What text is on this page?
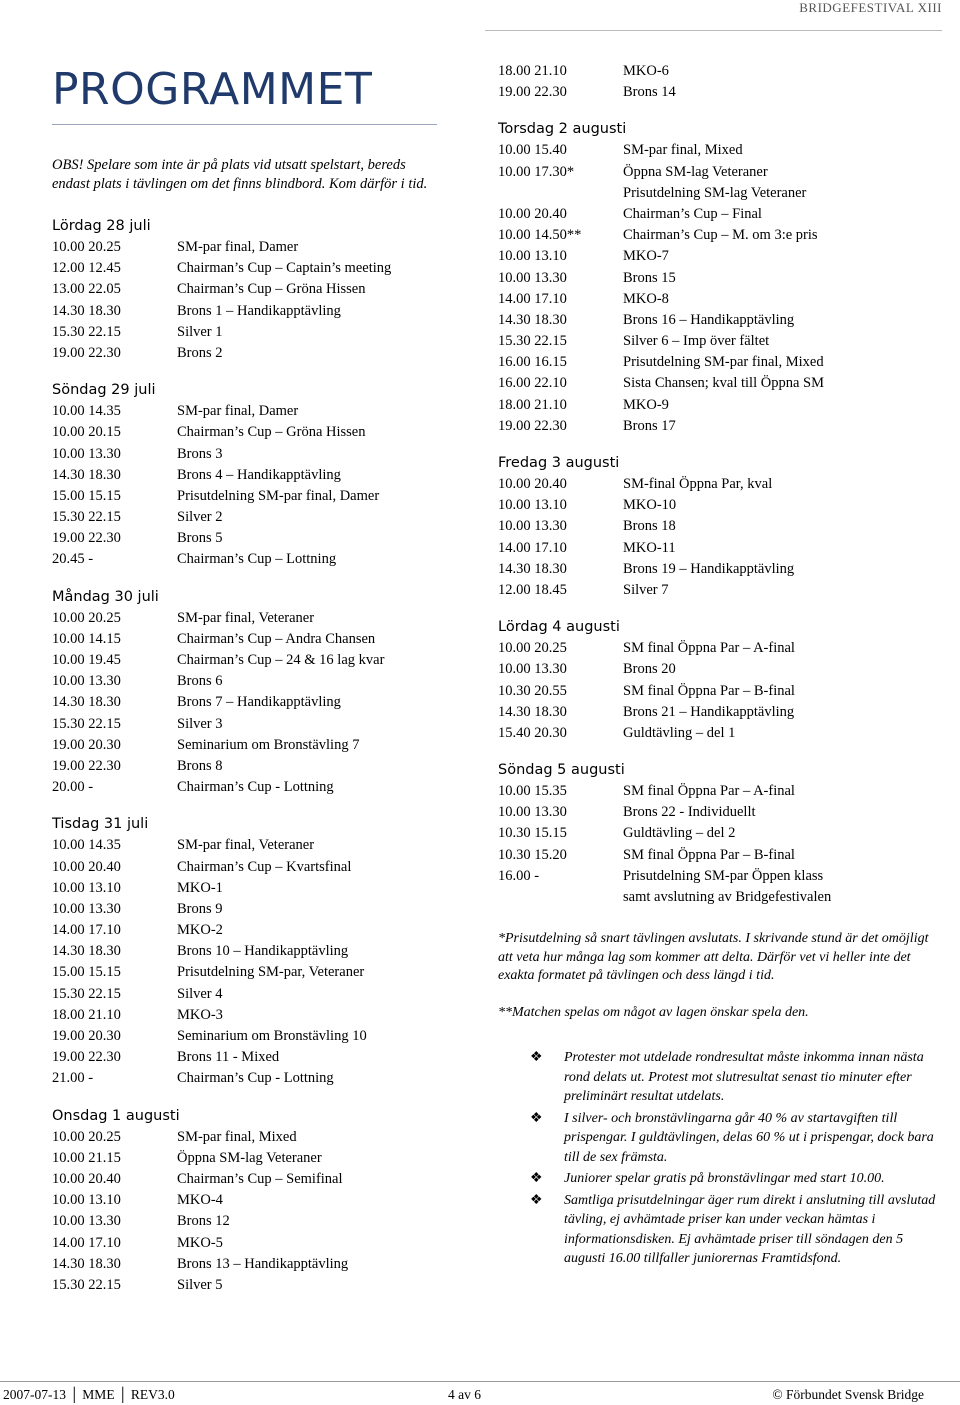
BRIDGEFESTIVAL XIII
PROGRAMMET
OBS! Spelare som inte är på plats vid utsatt spelstart, bereds endast plats i tävlingen om det finns blindbord. Kom därför i tid.
Lördag 28 juli
10.00 20.25	SM-par final, Damer
12.00 12.45	Chairman’s Cup – Captain’s meeting
13.00 22.05	Chairman’s Cup – Gröna Hissen
14.30 18.30	Brons 1 – Handikapptävling
15.30 22.15	Silver 1
19.00 22.30	Brons 2
Söndag 29 juli
10.00 14.35	SM-par final, Damer
10.00 20.15	Chairman’s Cup – Gröna Hissen
10.00 13.30	Brons 3
14.30 18.30	Brons 4 – Handikapptävling
15.00 15.15	Prisutdelning SM-par final, Damer
15.30 22.15	Silver 2
19.00 22.30	Brons 5
20.45 -	Chairman’s Cup – Lottning
Måndag 30 juli
10.00 20.25	SM-par final, Veteraner
10.00 14.15	Chairman’s Cup – Andra Chansen
10.00 19.45	Chairman’s Cup – 24 & 16 lag kvar
10.00 13.30	Brons 6
14.30 18.30	Brons 7 – Handikapptävling
15.30 22.15	Silver 3
19.00 20.30	Seminarium om Bronstävling 7
19.00 22.30	Brons 8
20.00 -	Chairman’s Cup - Lottning
Tisdag 31 juli
10.00 14.35	SM-par final, Veteraner
10.00 20.40	Chairman’s Cup – Kvartsfinal
10.00 13.10	MKO-1
10.00 13.30	Brons 9
14.00 17.10	MKO-2
14.30 18.30	Brons 10 – Handikapptävling
15.00 15.15	Prisutdelning SM-par, Veteraner
15.30 22.15	Silver 4
18.00 21.10	MKO-3
19.00 20.30	Seminarium om Bronstävling 10
19.00 22.30	Brons 11 - Mixed
21.00 -	Chairman’s Cup - Lottning
Onsdag 1 augusti
10.00 20.25	SM-par final, Mixed
10.00 21.15	Öppna SM-lag Veteraner
10.00 20.40	Chairman’s Cup – Semifinal
10.00 13.10	MKO-4
10.00 13.30	Brons 12
14.00 17.10	MKO-5
14.30 18.30	Brons 13 – Handikapptävling
15.30 22.15	Silver 5
18.00 21.10	MKO-6
19.00 22.30	Brons 14
Torsdag 2 augusti
10.00 15.40	SM-par final, Mixed
10.00 17.30*	Öppna SM-lag Veteraner
Prisutdelning SM-lag Veteraner
10.00 20.40	Chairman’s Cup – Final
10.00 14.50**	Chairman’s Cup – M. om 3:e pris
10.00 13.10	MKO-7
10.00 13.30	Brons 15
14.00 17.10	MKO-8
14.30 18.30	Brons 16 – Handikapptävling
15.30 22.15	Silver 6 – Imp över fältet
16.00 16.15	Prisutdelning SM-par final, Mixed
16.00 22.10	Sista Chansen; kval till Öppna SM
18.00 21.10	MKO-9
19.00 22.30	Brons 17
Fredag 3 augusti
10.00 20.40	SM-final Öppna Par, kval
10.00 13.10	MKO-10
10.00 13.30	Brons 18
14.00 17.10	MKO-11
14.30 18.30	Brons 19 – Handikapptävling
12.00 18.45	Silver 7
Lördag 4 augusti
10.00 20.25	SM final Öppna Par – A-final
10.00 13.30	Brons 20
10.30 20.55	SM final Öppna Par – B-final
14.30 18.30	Brons 21 – Handikapptävling
15.40 20.30	Guldtävling – del 1
Söndag 5 augusti
10.00 15.35	SM final Öppna Par – A-final
10.00 13.30	Brons 22 - Individuellt
10.30 15.15	Guldtävling – del 2
10.30 15.20	SM final Öppna Par – B-final
16.00 -	Prisutdelning SM-par Öppen klass
samt avslutning av Bridgefestivalen
*Prisutdelning så snart tävlingen avslutats. I skrivande stund är det omöjligt att veta hur många lag som kommer att delta. Därför vet vi heller inte det exakta formatet på tävlingen och dess längd i tid.
**Matchen spelas om något av lagen önskar spela den.
❖ Protester mot utdelade rondresultat måste inkomma innan nästa rond delats ut. Protest mot slutresultat senast tio minuter efter preliminärt resultat utdelats.
❖ I silver- och bronstävlingarna går 40 % av startavgiften till prispengar. I guldtävlingen, delas 60 % ut i prispengar, dock bara till de sex främsta.
❖ Juniorer spelar gratis på bronstävlingar med start 10.00.
❖ Samtliga prisutdelningar äger rum direkt i anslutning till avslutad tävling, ej avhämtade priser kan under veckan hämtas i informationsdisken. Ej avhämtade priser till söndagen den 5 augusti 16.00 tillfaller juniorernas Framtidsfond.
2007-07-13 │ MME │ REV3.0	4 av 6	© Förbundet Svensk Bridge
